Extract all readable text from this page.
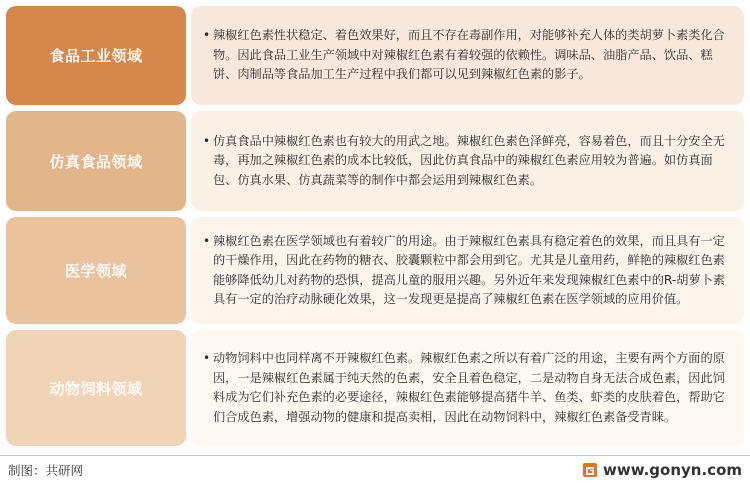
食品工业领域
• 辣椒红色素性状稳定、着色效果好，而且不存在毒副作用，对能够补充人体的类胡萝卜素类化合物。因此食品工业生产领域中对辣椒红色素有着较强的依赖性。调味品、油脂产品、饮品、糕饼、肉制品等食品加工生产过程中我们都可以见到辣椒红色素的影子。
仿真食品领域
• 仿真食品中辣椒红色素也有较大的用武之地。辣椒红色素色泽鲜亮，容易着色，而且十分安全无毒，再加之辣椒红色素的成本比较低，因此仿真食品中的辣椒红色素应用较为普遍。如仿真面包、仿真水果、仿真蔬菜等的制作中都会运用到辣椒红色素。
医学领域
• 辣椒红色素在医学领域也有着较广的用途。由于辣椒红色素具有稳定着色的效果，而且具有一定的干燥作用，因此在药物的糖衣、胶囊颗粒中都会用到它。尤其是儿童用药，鲜艳的辣椒红色素能够降低幼儿对药物的恐惧，提高儿童的服用兴趣。另外近年来发现辣椒红色素中的R-胡萝卜素具有一定的治疗动脉硬化效果，这一发现更是提高了辣椒红色素在医学领域的应用价值。
动物饲料领域
• 动物饲料中也同样离不开辣椒红色素。辣椒红色素之所以有着广泛的用途，主要有两个方面的原因，一是辣椒红色素属于纯天然的色素，安全且着色稳定，二是动物自身无法合成色素，因此饲料成为它们补充色素的必要途径，辣椒红色素能够提高猪牛羊、鱼类、虾类的皮肤着色，帮助它们合成色素，增强动物的健康和提高卖相，因此在动物饲料中，辣椒红色素备受青睐。
制图：共研网	www.gonyn.com
